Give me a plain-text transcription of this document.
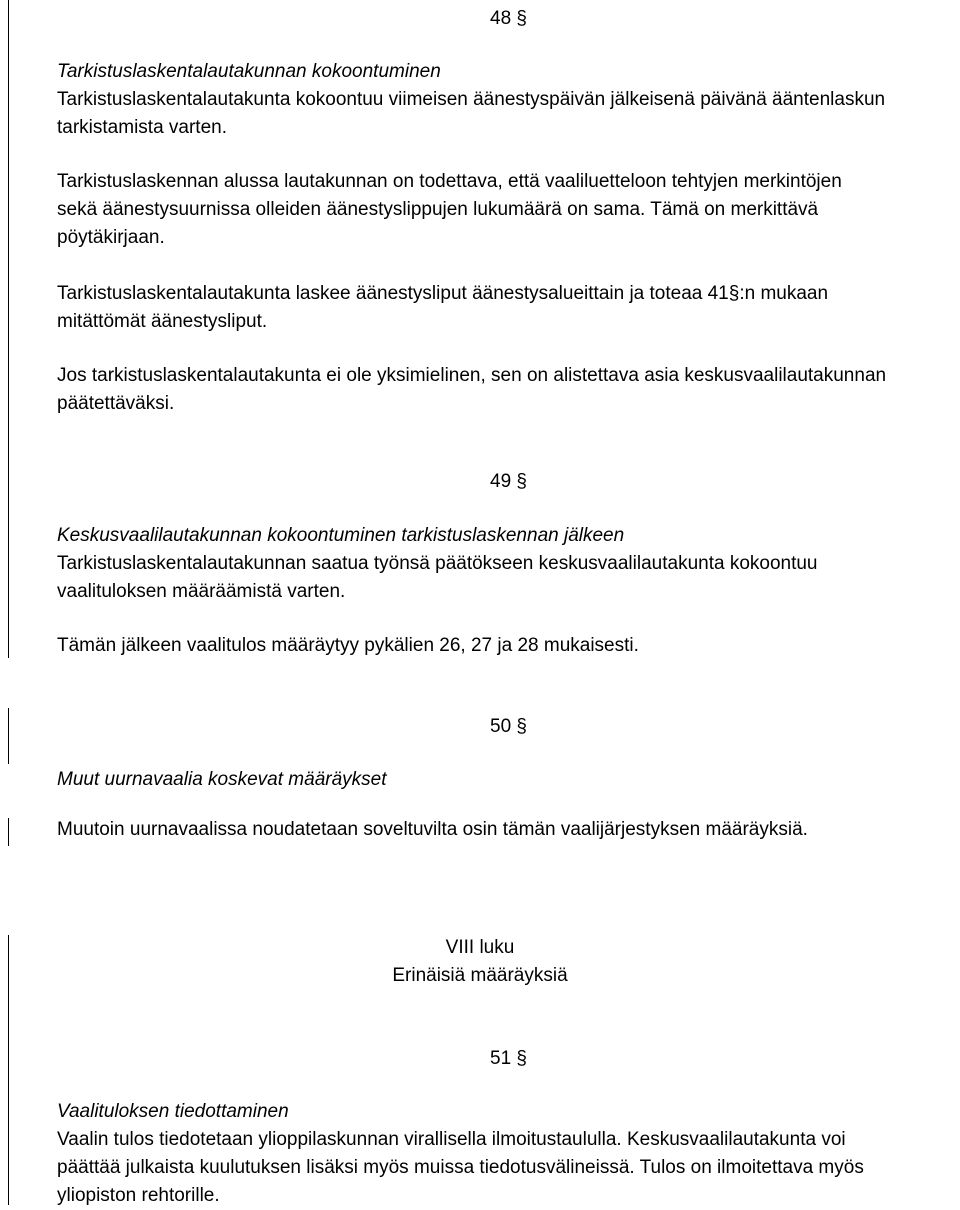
48 §
Tarkistuslaskentalautakunnan kokoontuminen
Tarkistuslaskentalautakunta kokoontuu viimeisen äänestyspäivän jälkeisenä päivänä ääntenlaskun
tarkistamista varten.
Tarkistuslaskennan alussa lautakunnan on todettava, että vaaliluetteloon tehtyjen merkintöjen
sekä äänestysuurnissa olleiden äänestyslippujen lukumäärä on sama. Tämä on merkittävä
pöytäkirjaan.
Tarkistuslaskentalautakunta laskee äänestysliput äänestysalueittain ja toteaa 41§:n mukaan
mitättömät äänestysliput.
Jos tarkistuslaskentalautakunta ei ole yksimielinen, sen on alistettava asia keskusvaalilautakunnan
päätettäväksi.
49 §
Keskusvaalilautakunnan kokoontuminen tarkistuslaskennan jälkeen
Tarkistuslaskentalautakunnan saatua työnsä päätökseen keskusvaalilautakunta kokoontuu
vaalituloksen määräämistä varten.
Tämän jälkeen vaalitulos määräytyy pykälien 26, 27 ja 28 mukaisesti.
50 §
Muut uurnavaalia koskevat määräykset
Muutoin uurnavaalissa noudatetaan soveltuvilta osin tämän vaalijärjestyksen määräyksiä.
VIII luku
Erinäisiä määräyksiä
51 §
Vaalituloksen tiedottaminen
Vaalin tulos tiedotetaan ylioppilaskunnan virallisella ilmoitustaululla. Keskusvaalilautakunta voi
päättää julkaista kuulutuksen lisäksi myös muissa tiedotusvälineissä. Tulos on ilmoitettava myös
yliopiston rehtorille.
